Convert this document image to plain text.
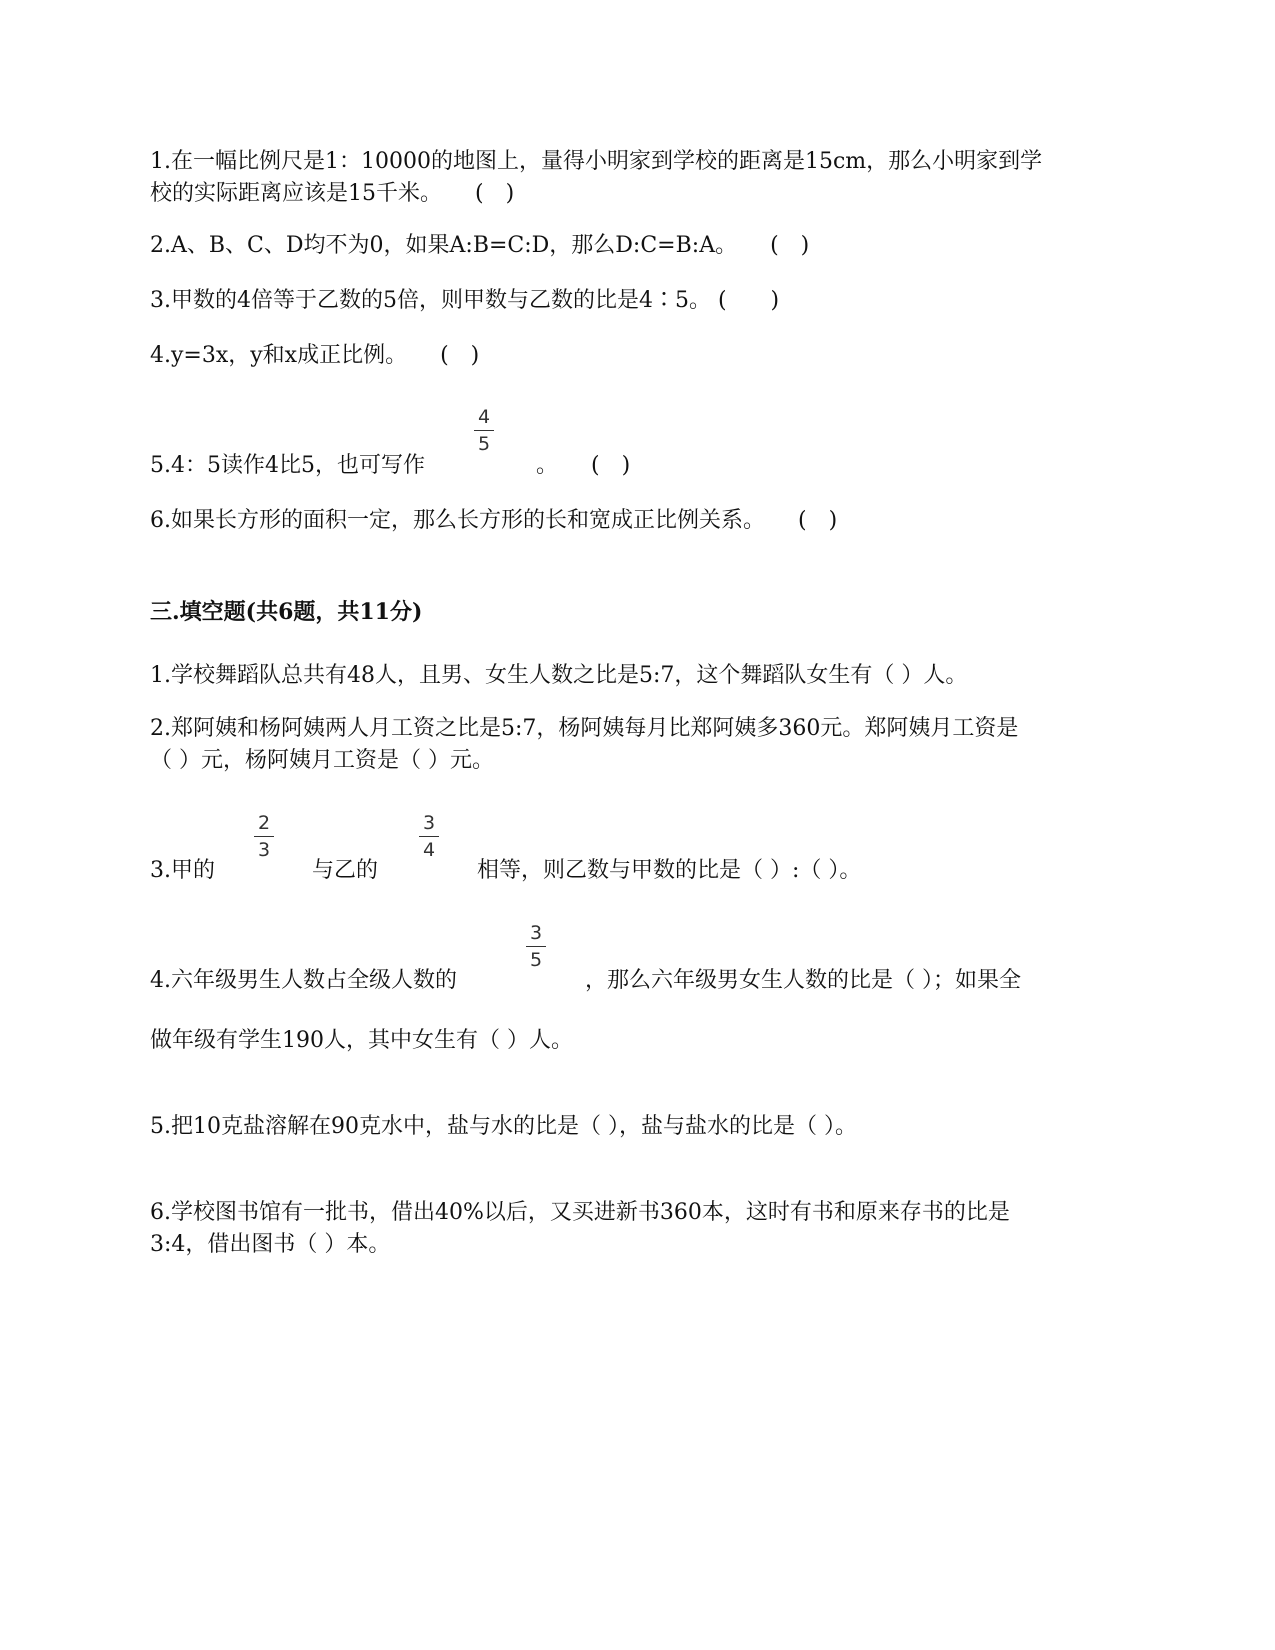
1.在一幅比例尺是1：10000的地图上，量得小明家到学校的距离是15cm，那么小明家到学
校的实际距离应该是15千米。　　(　)
2.A、B、C、D均不为0，如果A:B=C:D，那么D:C=B:A。　　(　)
3.甲数的4倍等于乙数的5倍，则甲数与乙数的比是4∶5。 (　　)
4.y=3x，y和x成正比例。　　(　)
5.4：5读作4比5，也可写作
4
5
。　　(　)
6.如果长方形的面积一定，那么长方形的长和宽成正比例关系。　　(　)
三.填空题(共6题，共11分)
1.学校舞蹈队总共有48人，且男、女生人数之比是5:7，这个舞蹈队女生有（ ）人。
2.郑阿姨和杨阿姨两人月工资之比是5:7，杨阿姨每月比郑阿姨多360元。郑阿姨月工资是
（ ）元，杨阿姨月工资是（ ）元。
3.甲的
2
3
与乙的
3
4
相等，则乙数与甲数的比是（ ）:（ ）。
4.六年级男生人数占全级人数的
3
5
，那么六年级男女生人数的比是（ ）；如果全
做年级有学生190人，其中女生有（ ）人。
5.把10克盐溶解在90克水中，盐与水的比是（ ），盐与盐水的比是（ ）。
6.学校图书馆有一批书，借出40%以后，又买进新书360本，这时有书和原来存书的比是
3:4，借出图书（ ）本。
